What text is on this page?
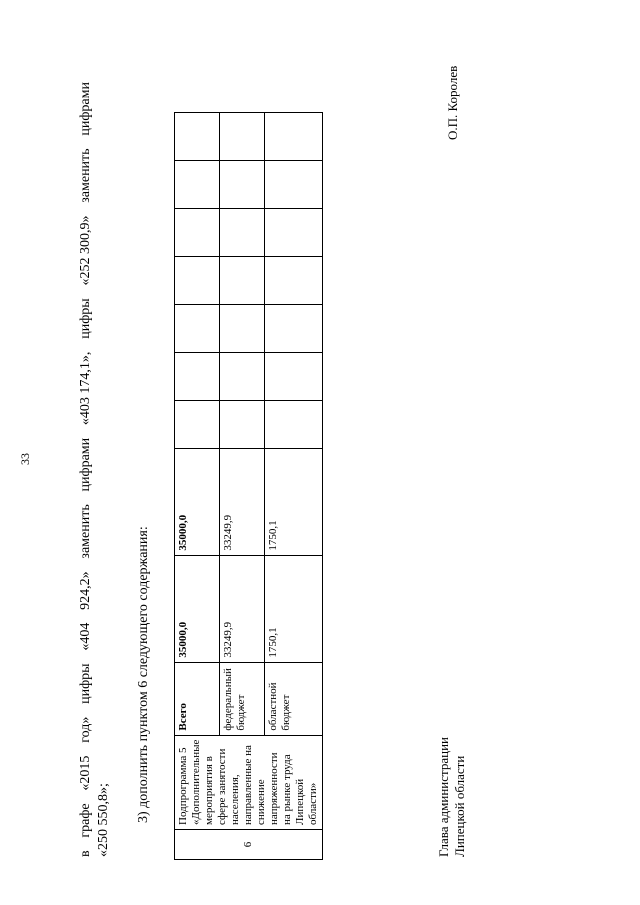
33
в
графе
«2015
год»
цифры
«404
924,2»
заменить
цифрами
«403 174,1»,
цифры
«252 300,9»
заменить
цифрами
«250 550,8»; 3) дополнить пунктом 6 следующего содержания:
6	Подпрограмма 5 «Дополнительные мероприятия в сфере занятости населения, направленные на снижение напряженности на рынке труда Липецкой области»	Всего	35000,0	35000,0							
		федеральный бюджет	33249,9	33249,9							
		областной бюджет	1750,1	1750,1							
Глава администрации Липецкой области
О.П. Королев
